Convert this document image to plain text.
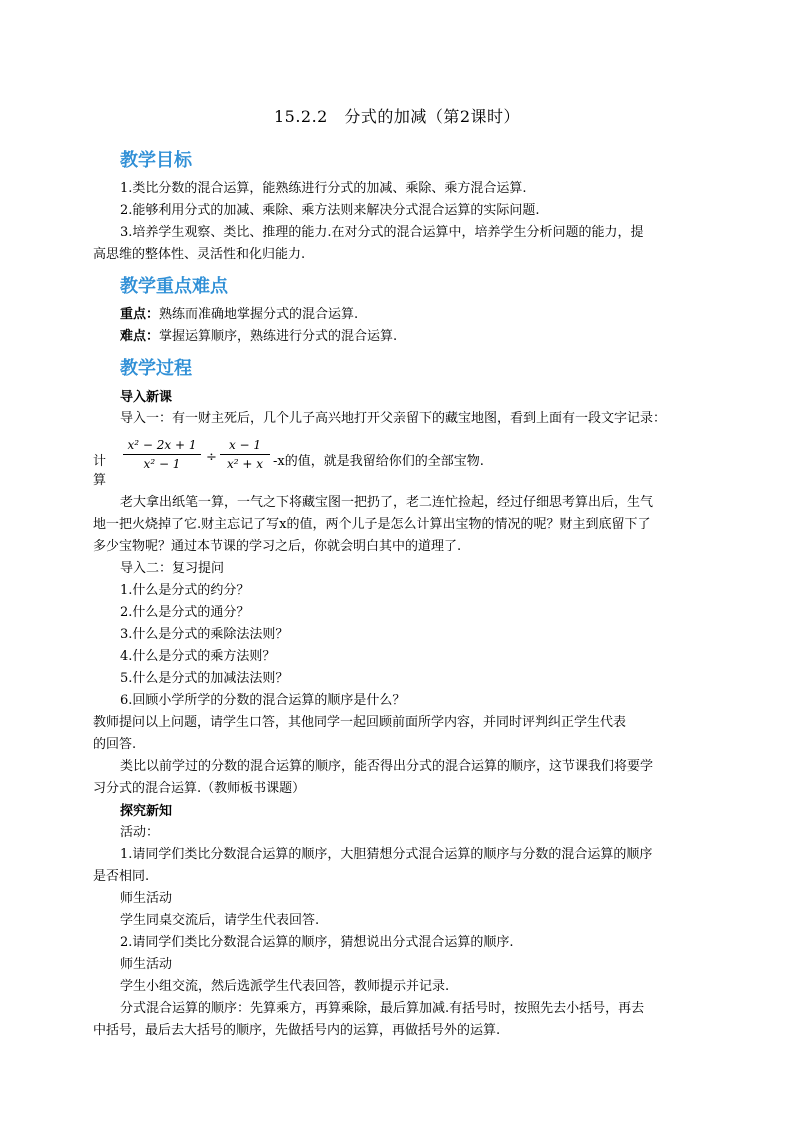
15.2.2　分式的加减（第2课时）
教学目标
1.类比分数的混合运算，能熟练进行分式的加减、乘除、乘方混合运算.
2.能够利用分式的加减、乘除、乘方法则来解决分式混合运算的实际问题.
3.培养学生观察、类比、推理的能力.在对分式的混合运算中，培养学生分析问题的能力，提
高思维的整体性、灵活性和化归能力.
教学重点难点
重点：熟练而准确地掌握分式的混合运算.
难点：掌握运算顺序，熟练进行分式的混合运算.
教学过程
导入新课
导入一：有一财主死后，几个儿子高兴地打开父亲留下的藏宝地图，看到上面有一段文字记录：
计算
x² − 2x + 1
x² − 1	÷
x − 1
x² + x -x的值，就是我留给你们的全部宝物.
老大拿出纸笔一算，一气之下将藏宝图一把扔了，老二连忙捡起，经过仔细思考算出后，生气
地一把火烧掉了它.财主忘记了写x的值，两个儿子是怎么计算出宝物的情况的呢？财主到底留下了
多少宝物呢？通过本节课的学习之后，你就会明白其中的道理了.
导入二：复习提问
1.什么是分式的约分？
2.什么是分式的通分？
3.什么是分式的乘除法法则？
4.什么是分式的乘方法则？
5.什么是分式的加减法法则？
6.回顾小学所学的分数的混合运算的顺序是什么？
教师提问以上问题，请学生口答，其他同学一起回顾前面所学内容，并同时评判纠正学生代表
的回答.
类比以前学过的分数的混合运算的顺序，能否得出分式的混合运算的顺序，这节课我们将要学
习分式的混合运算.（教师板书课题）
探究新知
活动：
1.请同学们类比分数混合运算的顺序，大胆猜想分式混合运算的顺序与分数的混合运算的顺序
是否相同.
师生活动
学生同桌交流后，请学生代表回答.
2.请同学们类比分数混合运算的顺序，猜想说出分式混合运算的顺序.
师生活动
学生小组交流，然后选派学生代表回答，教师提示并记录.
分式混合运算的顺序：先算乘方，再算乘除，最后算加减.有括号时，按照先去小括号，再去
中括号，最后去大括号的顺序，先做括号内的运算，再做括号外的运算.
